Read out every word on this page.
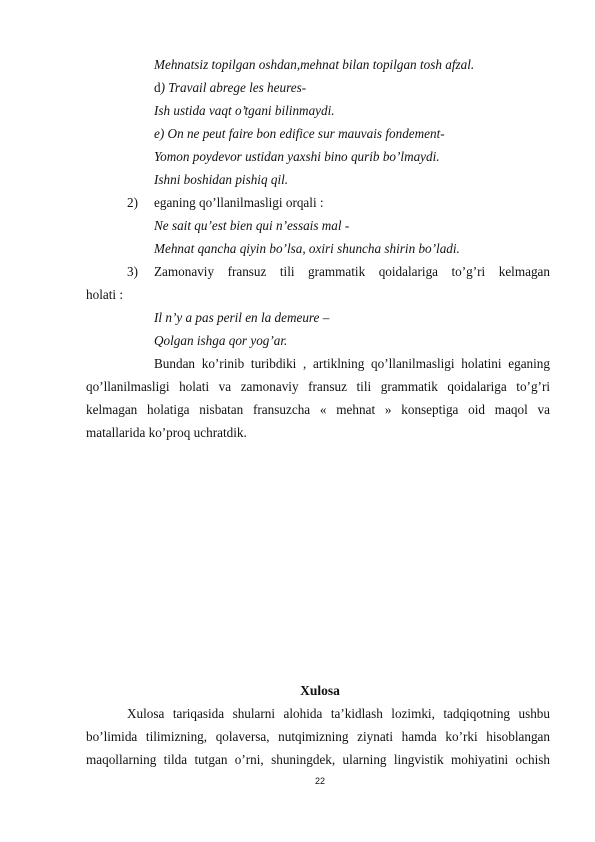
Mehnatsiz topilgan oshdan,mehnat bilan topilgan tosh afzal.
d) Travail abrege les heures-
Ish ustida vaqt o’tgani bilinmaydi.
e) On ne peut faire bon edifice sur mauvais fondement-
Yomon poydevor ustidan yaxshi bino qurib bo’lmaydi.
Ishni boshidan pishiq qil.
2) eganing qo’llanilmasligi orqali :
Ne sait qu’est bien qui n’essais mal -
Mehnat qancha qiyin bo’lsa, oxiri shuncha shirin bo’ladi.
3) Zamonaviy fransuz tili grammatik qoidalariga to’g’ri kelmagan
holati :
Il n’y a pas peril en la demeure –
Qolgan ishga qor yog’ar.
Bundan ko’rinib turibdiki , artiklning qo’llanilmasligi holatini eganing
qo’llanilmasligi holati va zamonaviy fransuz tili grammatik qoidalariga to’g’ri
kelmagan holatiga nisbatan fransuzcha « mehnat » konseptiga oid maqol va
matallarida ko’proq uchratdik.
Xulosa
Xulosa tariqasida shularni alohida ta’kidlash lozimki, tadqiqotning ushbu
bo’limida tilimizning, qolaversa, nutqimizning ziynati hamda ko’rki hisoblangan
maqollarning tilda tutgan o’rni, shuningdek, ularning lingvistik mohiyatini ochish
22
